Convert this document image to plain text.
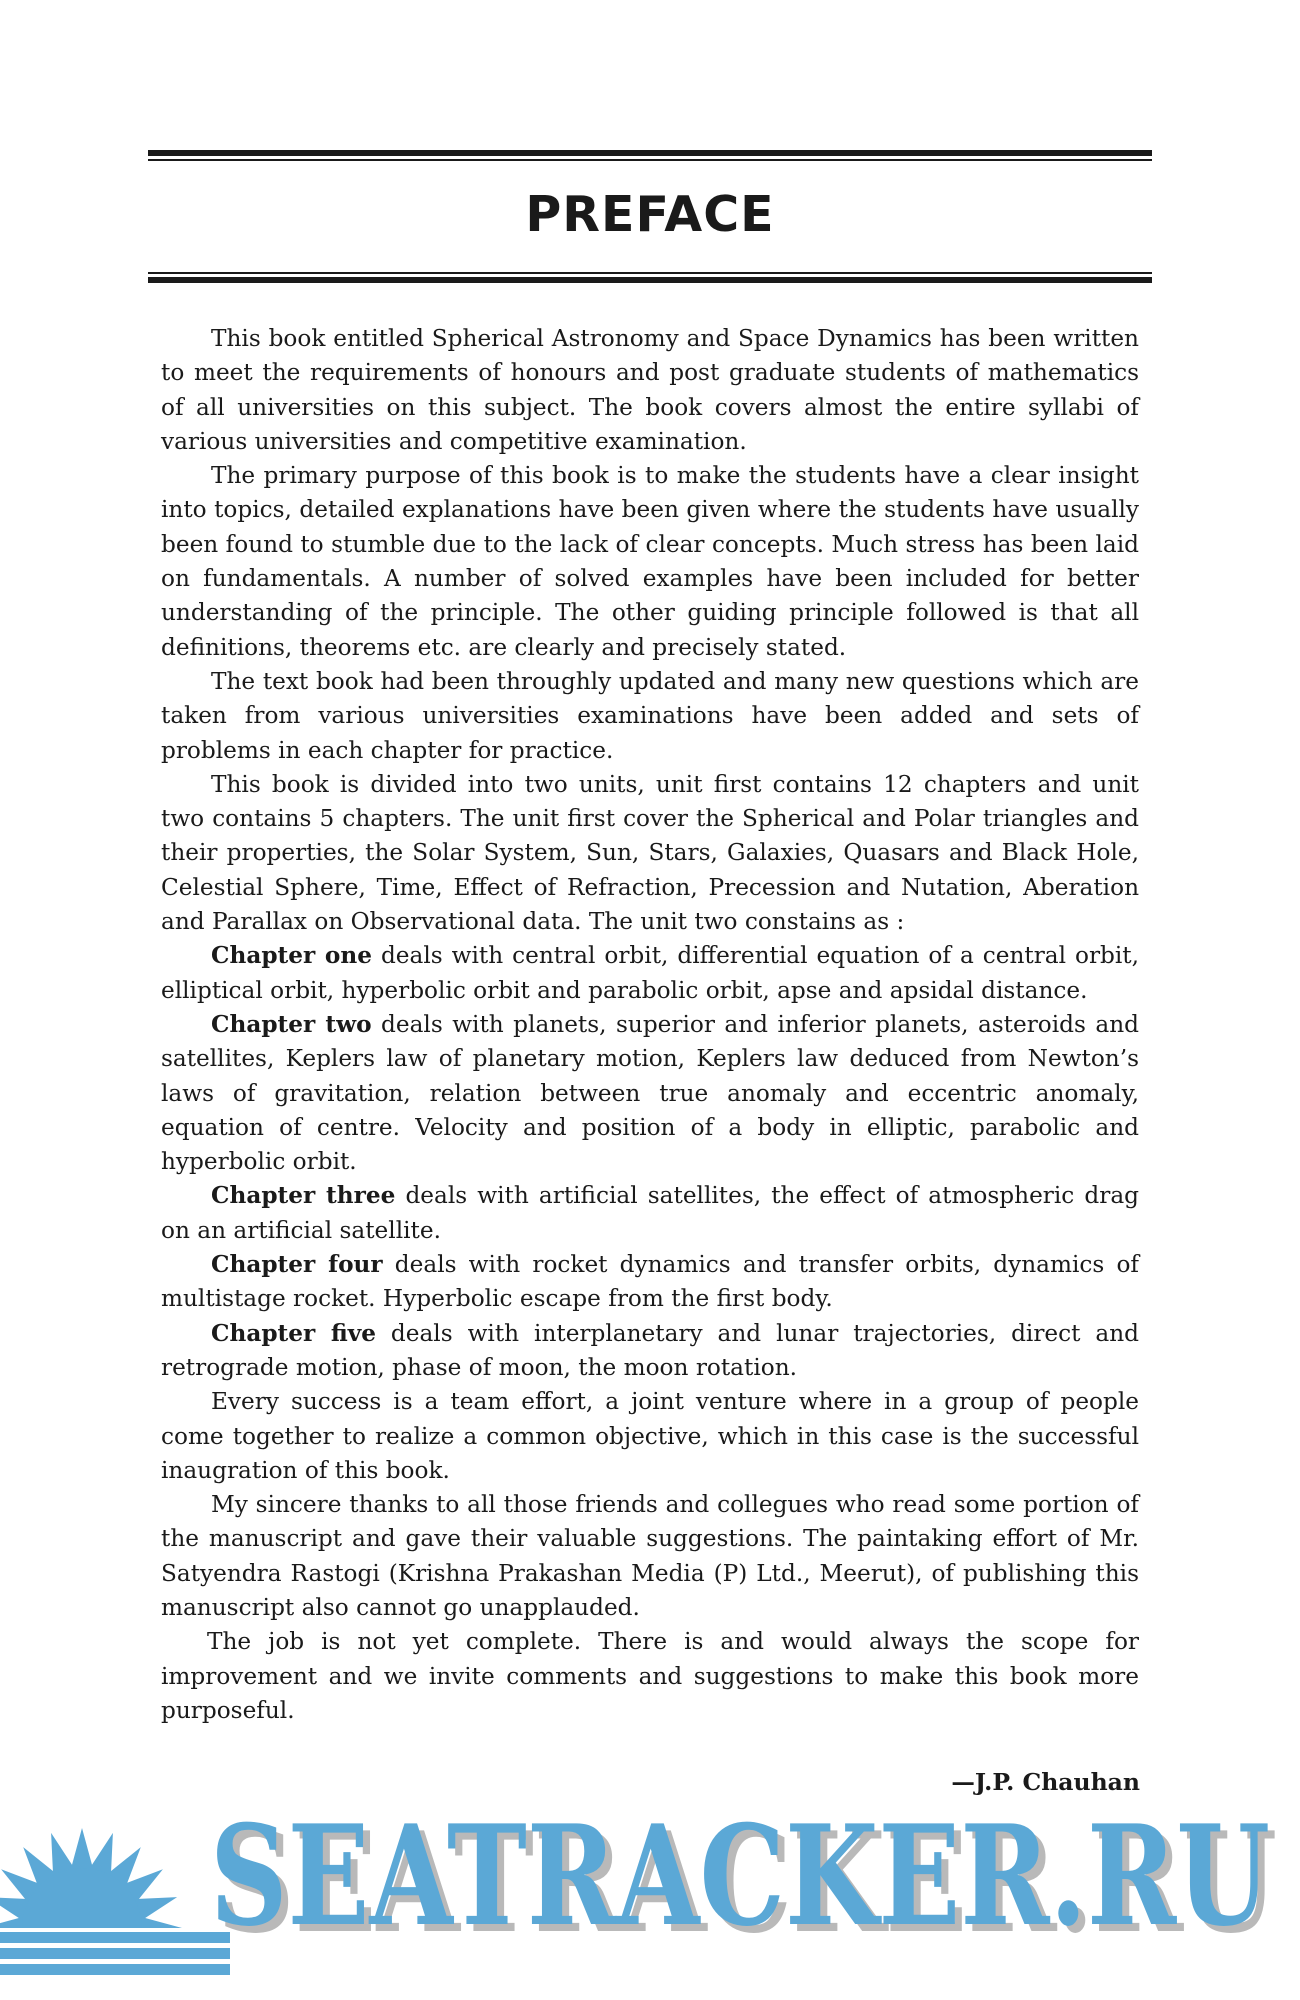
PREFACE

This book entitled Spherical Astronomy and Space Dynamics has been written to meet the requirements of honours and post graduate students of mathematics of all universities on this subject. The book covers almost the entire syllabi of various universities and competitive examination.

The primary purpose of this book is to make the students have a clear insight into topics, detailed explanations have been given where the students have usually been found to stumble due to the lack of clear concepts. Much stress has been laid on fundamentals. A number of solved examples have been included for better understanding of the principle. The other guiding principle followed is that all definitions, theorems etc. are clearly and precisely stated.

The text book had been throughly updated and many new questions which are taken from various universities examinations have been added and sets of problems in each chapter for practice.

This book is divided into two units, unit first contains 12 chapters and unit two contains 5 chapters. The unit first cover the Spherical and Polar triangles and their properties, the Solar System, Sun, Stars, Galaxies, Quasars and Black Hole, Celestial Sphere, Time, Effect of Refraction, Precession and Nutation, Aberation and Parallax on Observational data. The unit two constains as :

Chapter one deals with central orbit, differential equation of a central orbit, elliptical orbit, hyperbolic orbit and parabolic orbit, apse and apsidal distance.

Chapter two deals with planets, superior and inferior planets, asteroids and satellites, Keplers law of planetary motion, Keplers law deduced from Newton’s laws of gravitation, relation between true anomaly and eccentric anomaly, equation of centre. Velocity and position of a body in elliptic, parabolic and hyperbolic orbit.

Chapter three deals with artificial satellites, the effect of atmospheric drag on an artificial satellite.

Chapter four deals with rocket dynamics and transfer orbits, dynamics of multistage rocket. Hyperbolic escape from the first body.

Chapter five deals with interplanetary and lunar trajectories, direct and retrograde motion, phase of moon, the moon rotation.

Every success is a team effort, a joint venture where in a group of people come together to realize a common objective, which in this case is the successful inaugration of this book.

My sincere thanks to all those friends and collegues who read some portion of the manuscript and gave their valuable suggestions. The paintaking effort of Mr. Satyendra Rastogi (Krishna Prakashan Media (P) Ltd., Meerut), of publishing this manuscript also cannot go unapplauded.

The job is not yet complete. There is and would always the scope for improvement and we invite comments and suggestions to make this book more purposeful.

—J.P. Chauhan

SEATRACKER.RU
SEATRACKER.RU
